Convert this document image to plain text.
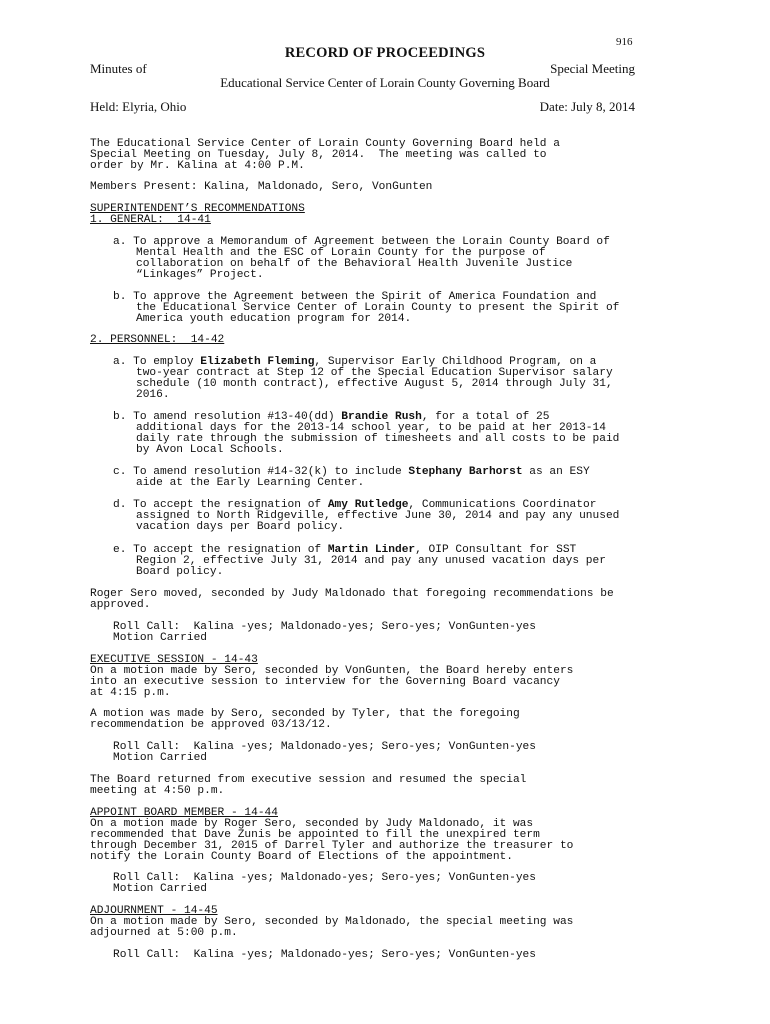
916
RECORD OF PROCEEDINGS
Minutes of	Special Meeting
Educational Service Center of Lorain County Governing Board
Held: Elyria, Ohio	Date: July 8, 2014
The Educational Service Center of Lorain County Governing Board held a
Special Meeting on Tuesday, July 8, 2014.  The meeting was called to
order by Mr. Kalina at 4:00 P.M.
Members Present: Kalina, Maldonado, Sero, VonGunten
SUPERINTENDENT’S RECOMMENDATIONS
1. GENERAL:  14-41
a. To approve a Memorandum of Agreement between the Lorain County Board of
Mental Health and the ESC of Lorain County for the purpose of
collaboration on behalf of the Behavioral Health Juvenile Justice
“Linkages” Project.
b. To approve the Agreement between the Spirit of America Foundation and
the Educational Service Center of Lorain County to present the Spirit of
America youth education program for 2014.
2. PERSONNEL:  14-42
a. To employ Elizabeth Fleming, Supervisor Early Childhood Program, on a
two-year contract at Step 12 of the Special Education Supervisor salary
schedule (10 month contract), effective August 5, 2014 through July 31,
2016.
b. To amend resolution #13-40(dd) Brandie Rush, for a total of 25
additional days for the 2013-14 school year, to be paid at her 2013-14
daily rate through the submission of timesheets and all costs to be paid
by Avon Local Schools.
c. To amend resolution #14-32(k) to include Stephany Barhorst as an ESY
aide at the Early Learning Center.
d. To accept the resignation of Amy Rutledge, Communications Coordinator
assigned to North Ridgeville, effective June 30, 2014 and pay any unused
vacation days per Board policy.
e. To accept the resignation of Martin Linder, OIP Consultant for SST
Region 2, effective July 31, 2014 and pay any unused vacation days per
Board policy.
Roger Sero moved, seconded by Judy Maldonado that foregoing recommendations be
approved.
Roll Call:  Kalina -yes; Maldonado-yes; Sero-yes; VonGunten-yes
Motion Carried
EXECUTIVE SESSION - 14-43
On a motion made by Sero, seconded by VonGunten, the Board hereby enters
into an executive session to interview for the Governing Board vacancy
at 4:15 p.m.
A motion was made by Sero, seconded by Tyler, that the foregoing
recommendation be approved 03/13/12.
Roll Call:  Kalina -yes; Maldonado-yes; Sero-yes; VonGunten-yes
Motion Carried
The Board returned from executive session and resumed the special
meeting at 4:50 p.m.
APPOINT BOARD MEMBER - 14-44
On a motion made by Roger Sero, seconded by Judy Maldonado, it was
recommended that Dave Zunis be appointed to fill the unexpired term
through December 31, 2015 of Darrel Tyler and authorize the treasurer to
notify the Lorain County Board of Elections of the appointment.
Roll Call:  Kalina -yes; Maldonado-yes; Sero-yes; VonGunten-yes
Motion Carried
ADJOURNMENT - 14-45
On a motion made by Sero, seconded by Maldonado, the special meeting was
adjourned at 5:00 p.m.
Roll Call:  Kalina -yes; Maldonado-yes; Sero-yes; VonGunten-yes
